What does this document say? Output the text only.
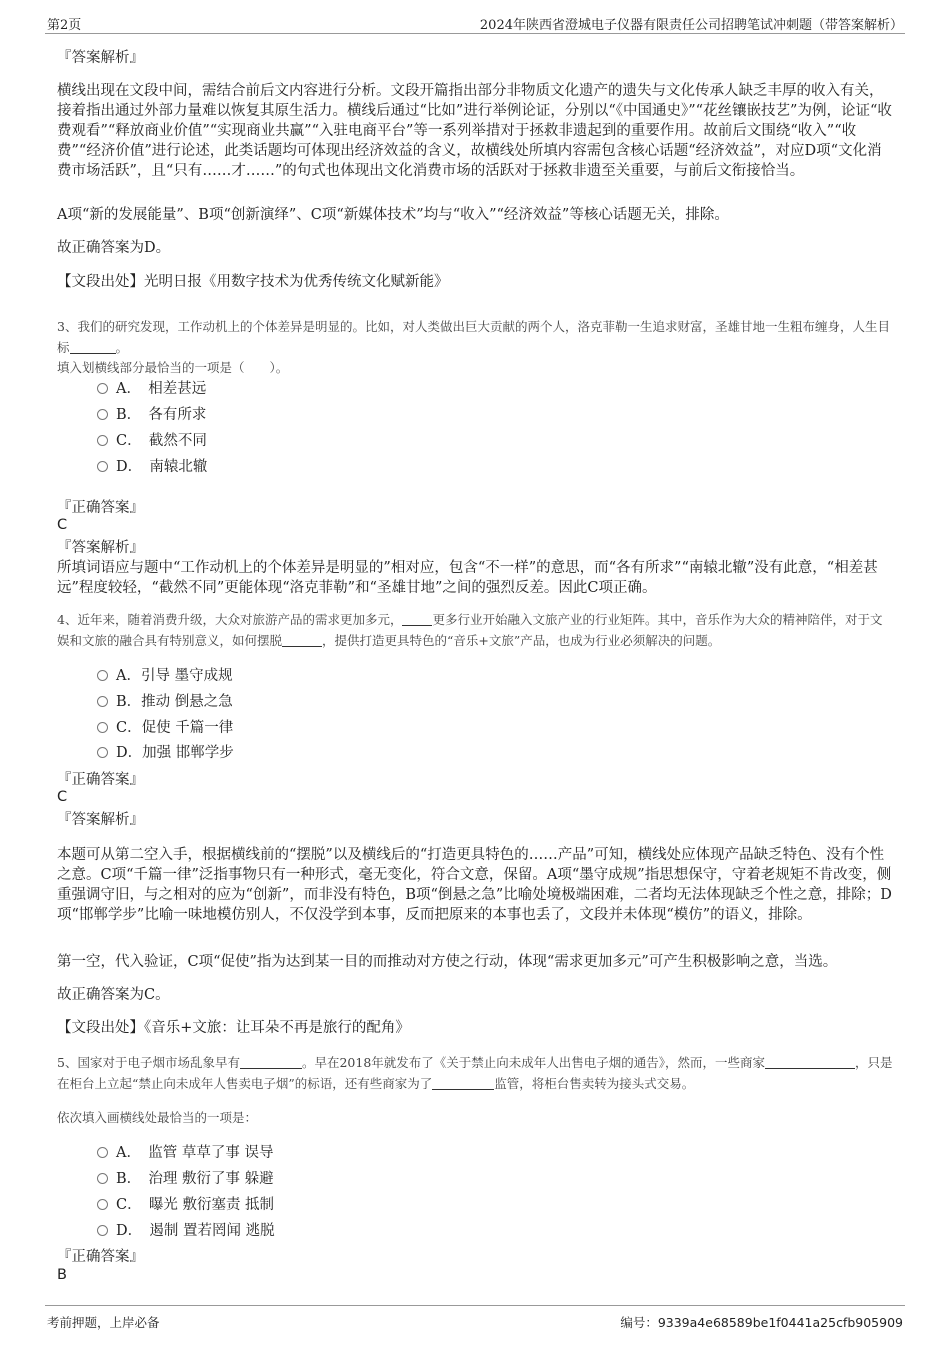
第2页	2024年陕西省澄城电子仪器有限责任公司招聘笔试冲刺题（带答案解析）
『答案解析』
横线出现在文段中间，需结合前后文内容进行分析。文段开篇指出部分非物质文化遗产的遗失与文化传承人缺乏丰厚的收入有关，接着指出通过外部力量难以恢复其原生活力。横线后通过“比如”进行举例论证，分别以“《中国通史》”“花丝镶嵌技艺”为例，论证“收费观看”“释放商业价值”“实现商业共赢”“入驻电商平台”等一系列举措对于拯救非遗起到的重要作用。故前后文围绕“收入”“收费”“经济价值”进行论述，此类话题均可体现出经济效益的含义，故横线处所填内容需包含核心话题“经济效益”，对应D项“文化消费市场活跃”，且“只有……才……”的句式也体现出文化消费市场的活跃对于拯救非遗至关重要，与前后文衔接恰当。
A项“新的发展能量”、B项“创新演绎”、C项“新媒体技术”均与“收入”“经济效益”等核心话题无关，排除。
故正确答案为D。
【文段出处】光明日报《用数字技术为优秀传统文化赋新能》
3、我们的研究发现，工作动机上的个体差异是明显的。比如，对人类做出巨大贡献的两个人，洛克菲勒一生追求财富，圣雄甘地一生粗布缠身，人生目标	。
填入划横线部分最恰当的一项是（　　）。
A．　相差甚远
B．　各有所求
C．　截然不同
D．　南辕北辙
『正确答案』
C
『答案解析』
所填词语应与题中“工作动机上的个体差异是明显的”相对应，包含“不一样”的意思，而“各有所求”“南辕北辙”没有此意，“相差甚远”程度较轻，“截然不同”更能体现“洛克菲勒”和“圣雄甘地”之间的强烈反差。因此C项正确。
4、近年来，随着消费升级，大众对旅游产品的需求更加多元， 更多行业开始融入文旅产业的行业矩阵。其中，音乐作为大众的精神陪伴，对于文娱和文旅的融合具有特别意义，如何摆脱	，提供打造更具特色的“音乐+文旅”产品，也成为行业必须解决的问题。
A．引导 墨守成规
B．推动 倒悬之急
C．促使 千篇一律
D．加强 邯郸学步
『正确答案』
C
『答案解析』
本题可从第二空入手，根据横线前的“摆脱”以及横线后的“打造更具特色的……产品”可知，横线处应体现产品缺乏特色、没有个性之意。C项“千篇一律”泛指事物只有一种形式，毫无变化，符合文意，保留。A项“墨守成规”指思想保守，守着老规矩不肯改变，侧重强调守旧，与之相对的应为“创新”，而非没有特色，B项“倒悬之急”比喻处境极端困难，二者均无法体现缺乏个性之意，排除；D项“邯郸学步”比喻一味地模仿别人，不仅没学到本事，反而把原来的本事也丢了，文段并未体现“模仿”的语义，排除。
第一空，代入验证，C项“促使”指为达到某一目的而推动对方使之行动，体现“需求更加多元”可产生积极影响之意，当选。
故正确答案为C。
【文段出处】《音乐+文旅：让耳朵不再是旅行的配角》
5、国家对于电子烟市场乱象早有	。早在2018年就发布了《关于禁止向未成年人出售电子烟的通告》，然而，一些商家	，只是在柜台上立起“禁止向未成年人售卖电子烟”的标语，还有些商家为了	监管，将柜台售卖转为接头式交易。
依次填入画横线处最恰当的一项是：
A．　监管 草草了事 误导
B．　治理 敷衍了事 躲避
C．　曝光 敷衍塞责 抵制
D．　遏制 置若罔闻 逃脱
『正确答案』
B
考前押题，上岸必备	编号：9339a4e68589be1f0441a25cfb905909
